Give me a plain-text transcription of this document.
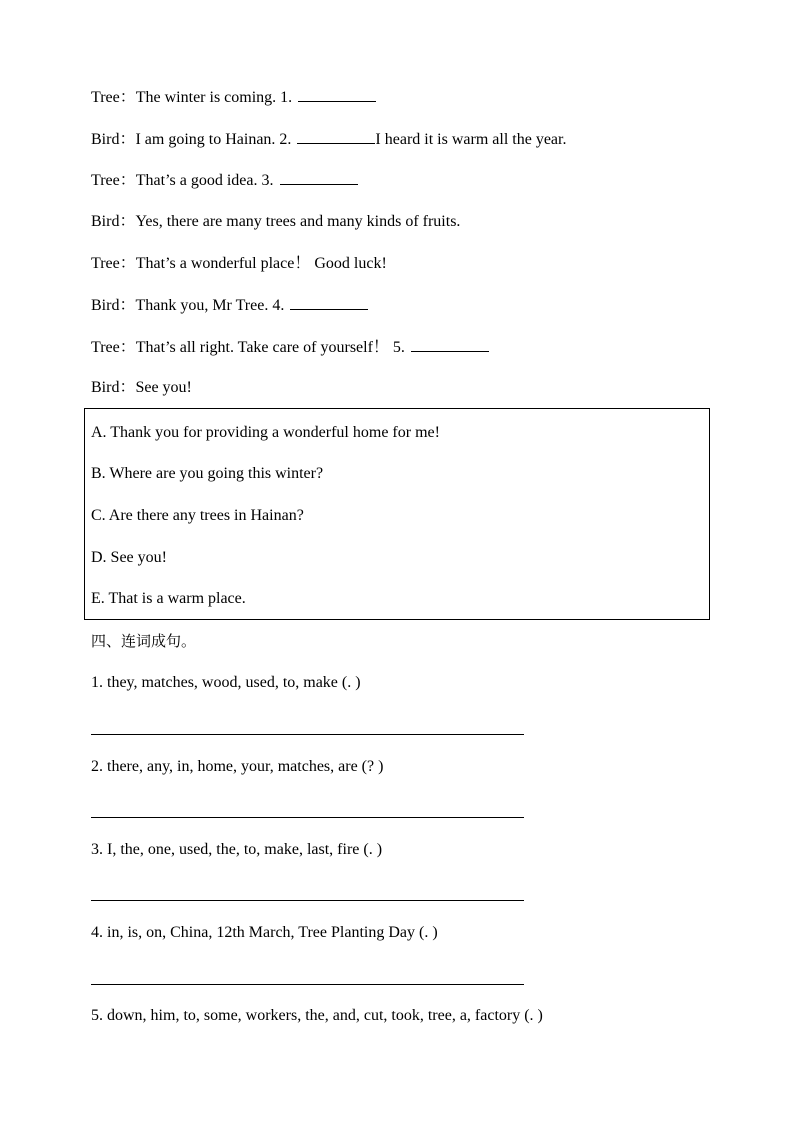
Tree：The winter is coming. 1.
Bird：I am going to Hainan. 2.	I heard it is warm all the year.
Tree：That’s a good idea. 3.
Bird：Yes, there are many trees and many kinds of fruits.
Tree：That’s a wonderful place！ Good luck!
Bird：Thank you, Mr Tree. 4.
Tree：That’s all right. Take care of yourself！ 5.
Bird：See you!
A. Thank you for providing a wonderful home for me!
B. Where are you going this winter?
C. Are there any trees in Hainan?
D. See you!
E. That is a warm place.
四、连词成句。
1. they, matches, wood, used, to, make (. )
2. there, any, in, home, your, matches, are (? )
3. I, the, one, used, the, to, make, last, fire (. )
4. in, is, on, China, 12th March, Tree Planting Day (. )
5. down, him, to, some, workers, the, and, cut, took, tree, a, factory (. )
